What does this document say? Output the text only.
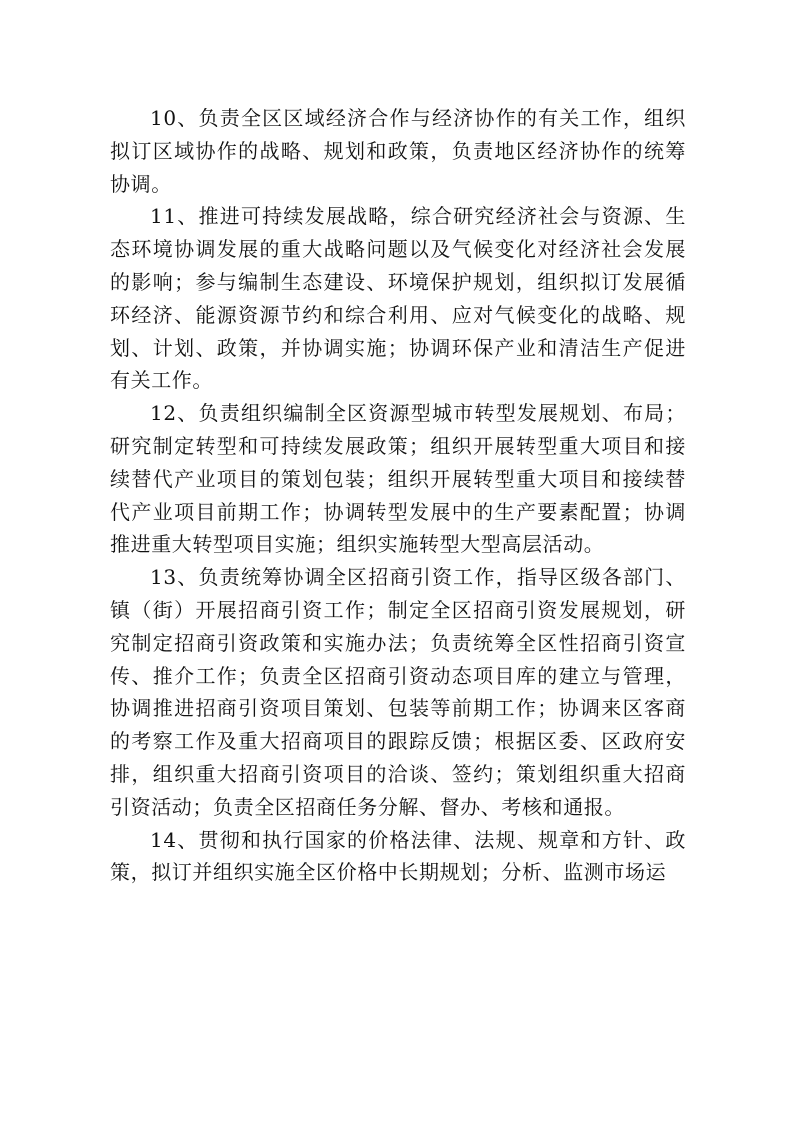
10、负责全区区域经济合作与经济协作的有关工作，组织拟订区域协作的战略、规划和政策，负责地区经济协作的统筹协调。

11、推进可持续发展战略，综合研究经济社会与资源、生态环境协调发展的重大战略问题以及气候变化对经济社会发展的影响；参与编制生态建设、环境保护规划，组织拟订发展循环经济、能源资源节约和综合利用、应对气候变化的战略、规划、计划、政策，并协调实施；协调环保产业和清洁生产促进有关工作。

12、负责组织编制全区资源型城市转型发展规划、布局；研究制定转型和可持续发展政策；组织开展转型重大项目和接续替代产业项目的策划包装；组织开展转型重大项目和接续替代产业项目前期工作；协调转型发展中的生产要素配置；协调推进重大转型项目实施；组织实施转型大型高层活动。

13、负责统筹协调全区招商引资工作，指导区级各部门、镇（街）开展招商引资工作；制定全区招商引资发展规划，研究制定招商引资政策和实施办法；负责统筹全区性招商引资宣传、推介工作；负责全区招商引资动态项目库的建立与管理，协调推进招商引资项目策划、包装等前期工作；协调来区客商的考察工作及重大招商项目的跟踪反馈；根据区委、区政府安排，组织重大招商引资项目的洽谈、签约；策划组织重大招商引资活动；负责全区招商任务分解、督办、考核和通报。

14、贯彻和执行国家的价格法律、法规、规章和方针、政策，拟订并组织实施全区价格中长期规划；分析、监测市场运
